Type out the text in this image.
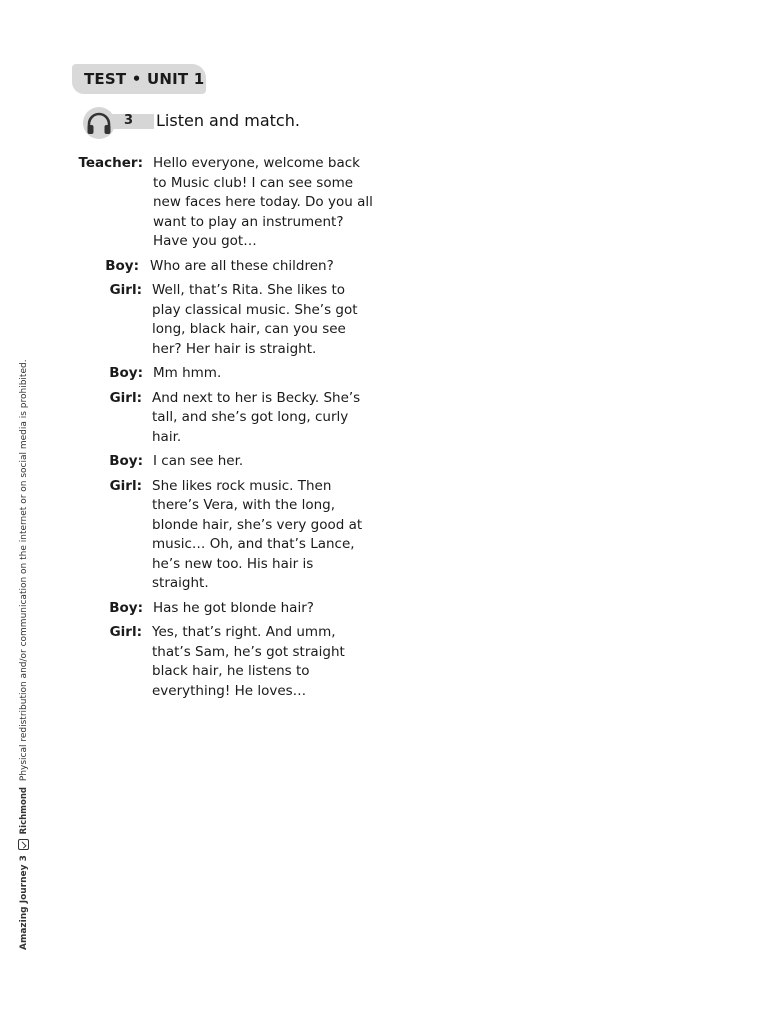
TEST • UNIT 1
3 Listen and match.
Teacher: Hello everyone, welcome back to Music club! I can see some new faces here today. Do you all want to play an instrument? Have you got…
Boy: Who are all these children?
Girl: Well, that’s Rita. She likes to play classical music. She’s got long, black hair, can you see her? Her hair is straight.
Boy: Mm hmm.
Girl: And next to her is Becky. She’s tall, and she’s got long, curly hair.
Boy: I can see her.
Girl: She likes rock music. Then there’s Vera, with the long, blonde hair, she’s very good at music… Oh, and that’s Lance, he’s new too. His hair is straight.
Boy: Has he got blonde hair?
Girl: Yes, that’s right. And umm, that’s Sam, he’s got straight black hair, he listens to everything! He loves…
Amazing Journey 3  Richmond Physical redistribution and/or communication on the internet or on social media is prohibited.
